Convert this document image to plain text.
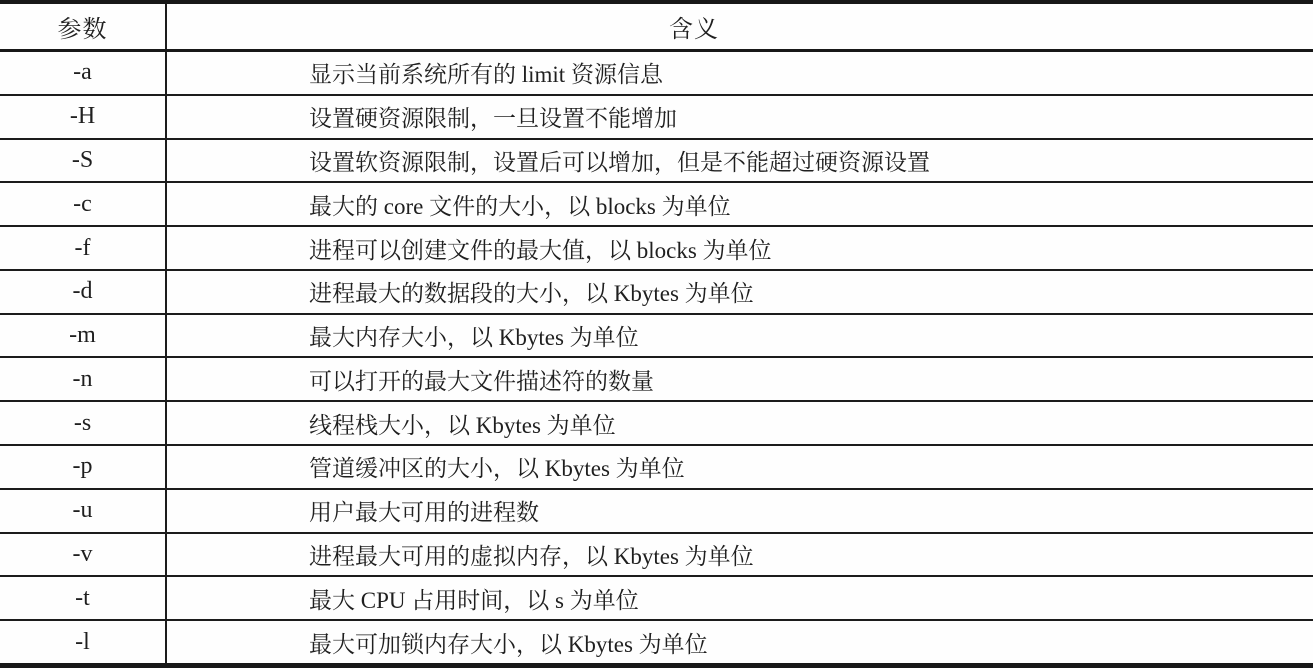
参数	含义
-a	显示当前系统所有的 limit 资源信息
-H	设置硬资源限制，一旦设置不能增加
-S	设置软资源限制，设置后可以增加，但是不能超过硬资源设置
-c	最大的 core 文件的大小，以 blocks 为单位
-f	进程可以创建文件的最大值，以 blocks 为单位
-d	进程最大的数据段的大小，以 Kbytes 为单位
-m	最大内存大小，以 Kbytes 为单位
-n	可以打开的最大文件描述符的数量
-s	线程栈大小，以 Kbytes 为单位
-p	管道缓冲区的大小，以 Kbytes 为单位
-u	用户最大可用的进程数
-v	进程最大可用的虚拟内存，以 Kbytes 为单位
-t	最大 CPU 占用时间，以 s 为单位
-l	最大可加锁内存大小，以 Kbytes 为单位
